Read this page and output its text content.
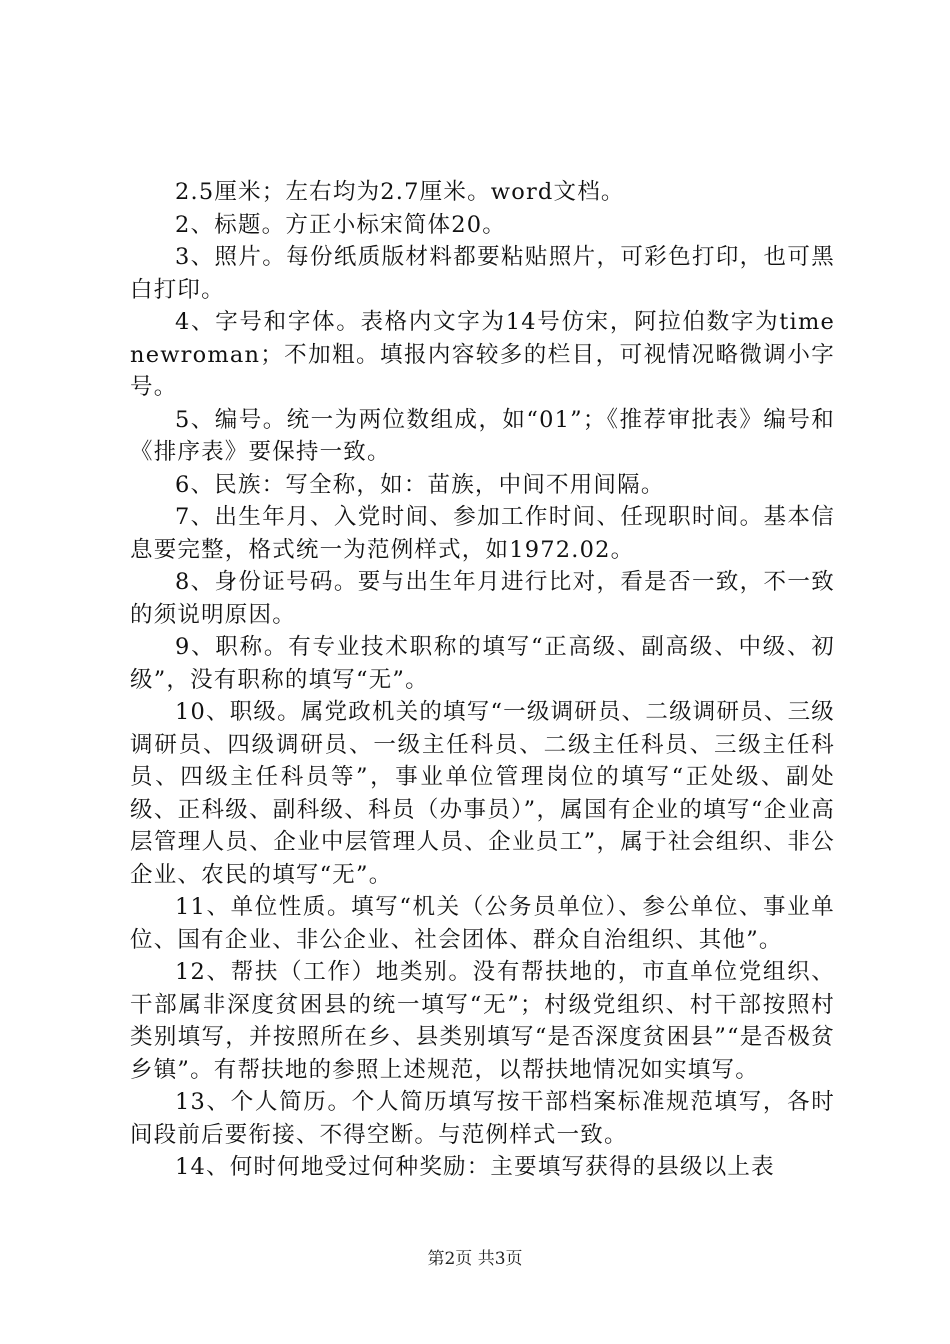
2.5厘米；左右均为2.7厘米。word文档。

2、标题。方正小标宋简体20。

3、照片。每份纸质版材料都要粘贴照片，可彩色打印，也可黑白打印。

4、字号和字体。表格内文字为14号仿宋，阿拉伯数字为timenewroman；不加粗。填报内容较多的栏目，可视情况略微调小字号。

5、编号。统一为两位数组成，如“01”；《推荐审批表》编号和《排序表》要保持一致。

6、民族：写全称，如：苗族，中间不用间隔。

7、出生年月、入党时间、参加工作时间、任现职时间。基本信息要完整，格式统一为范例样式，如1972.02。

8、身份证号码。要与出生年月进行比对，看是否一致，不一致的须说明原因。

9、职称。有专业技术职称的填写“正高级、副高级、中级、初级”，没有职称的填写“无”。

10、职级。属党政机关的填写“一级调研员、二级调研员、三级调研员、四级调研员、一级主任科员、二级主任科员、三级主任科员、四级主任科员等”，事业单位管理岗位的填写“正处级、副处级、正科级、副科级、科员（办事员）”，属国有企业的填写“企业高层管理人员、企业中层管理人员、企业员工”，属于社会组织、非公企业、农民的填写“无”。

11、单位性质。填写“机关（公务员单位）、参公单位、事业单位、国有企业、非公企业、社会团体、群众自治组织、其他”。

12、帮扶（工作）地类别。没有帮扶地的，市直单位党组织、干部属非深度贫困县的统一填写“无”；村级党组织、村干部按照村类别填写，并按照所在乡、县类别填写“是否深度贫困县”“是否极贫乡镇”。有帮扶地的参照上述规范，以帮扶地情况如实填写。

13、个人简历。个人简历填写按干部档案标准规范填写，各时间段前后要衔接、不得空断。与范例样式一致。

14、何时何地受过何种奖励：主要填写获得的县级以上表

第2页 共3页
